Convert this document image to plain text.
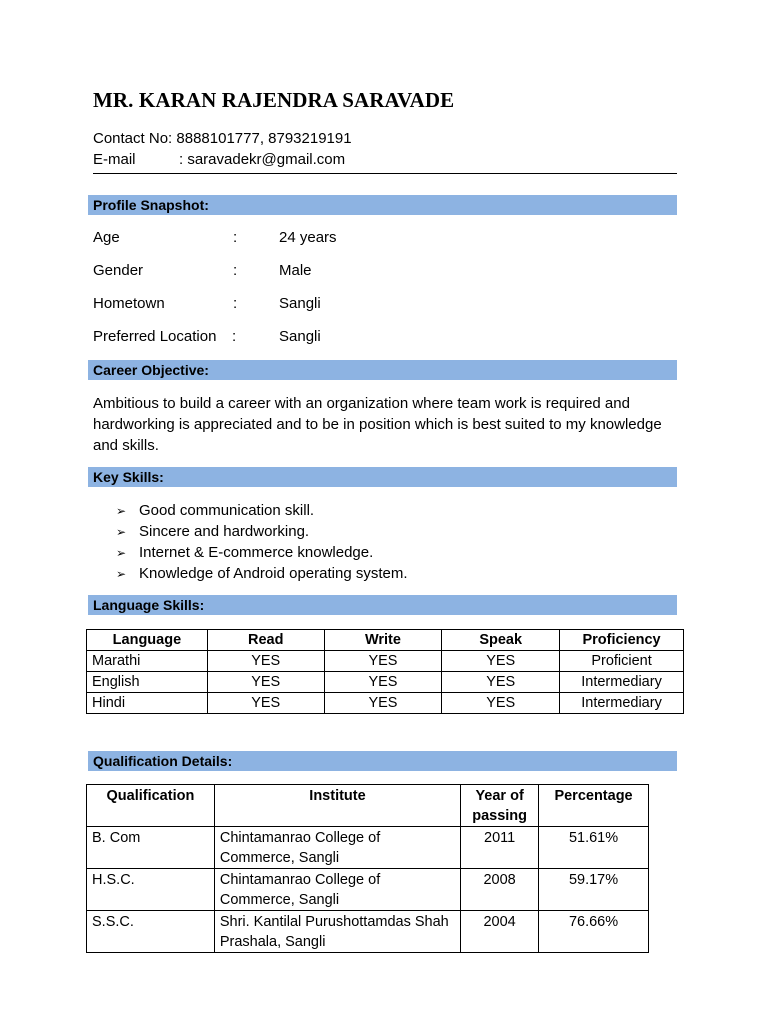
MR. KARAN RAJENDRA SARAVADE
Contact No: 8888101777, 8793219191
E-mail	: saravadekr@gmail.com
Profile Snapshot:
Age	:	24 years
Gender	:	Male
Hometown	:	Sangli
Preferred Location :	Sangli
Career Objective:
Ambitious to build a career with an organization where team work is required and hardworking is appreciated and to be in position which is best suited to my knowledge and skills.
Key Skills:
➢ Good communication skill.
➢ Sincere and hardworking.
➢ Internet & E-commerce knowledge.
➢ Knowledge of Android operating system.
Language Skills:
Language	Read	Write	Speak	Proficiency
Marathi	YES	YES	YES	Proficient
English	YES	YES	YES	Intermediary
Hindi	YES	YES	YES	Intermediary
Qualification Details:
Qualification	Institute	Year of passing	Percentage
B. Com	Chintamanrao College of Commerce, Sangli	2011	51.61%
H.S.C.	Chintamanrao College of Commerce, Sangli	2008	59.17%
S.S.C.	Shri. Kantilal Purushottamdas Shah Prashala, Sangli	2004	76.66%
